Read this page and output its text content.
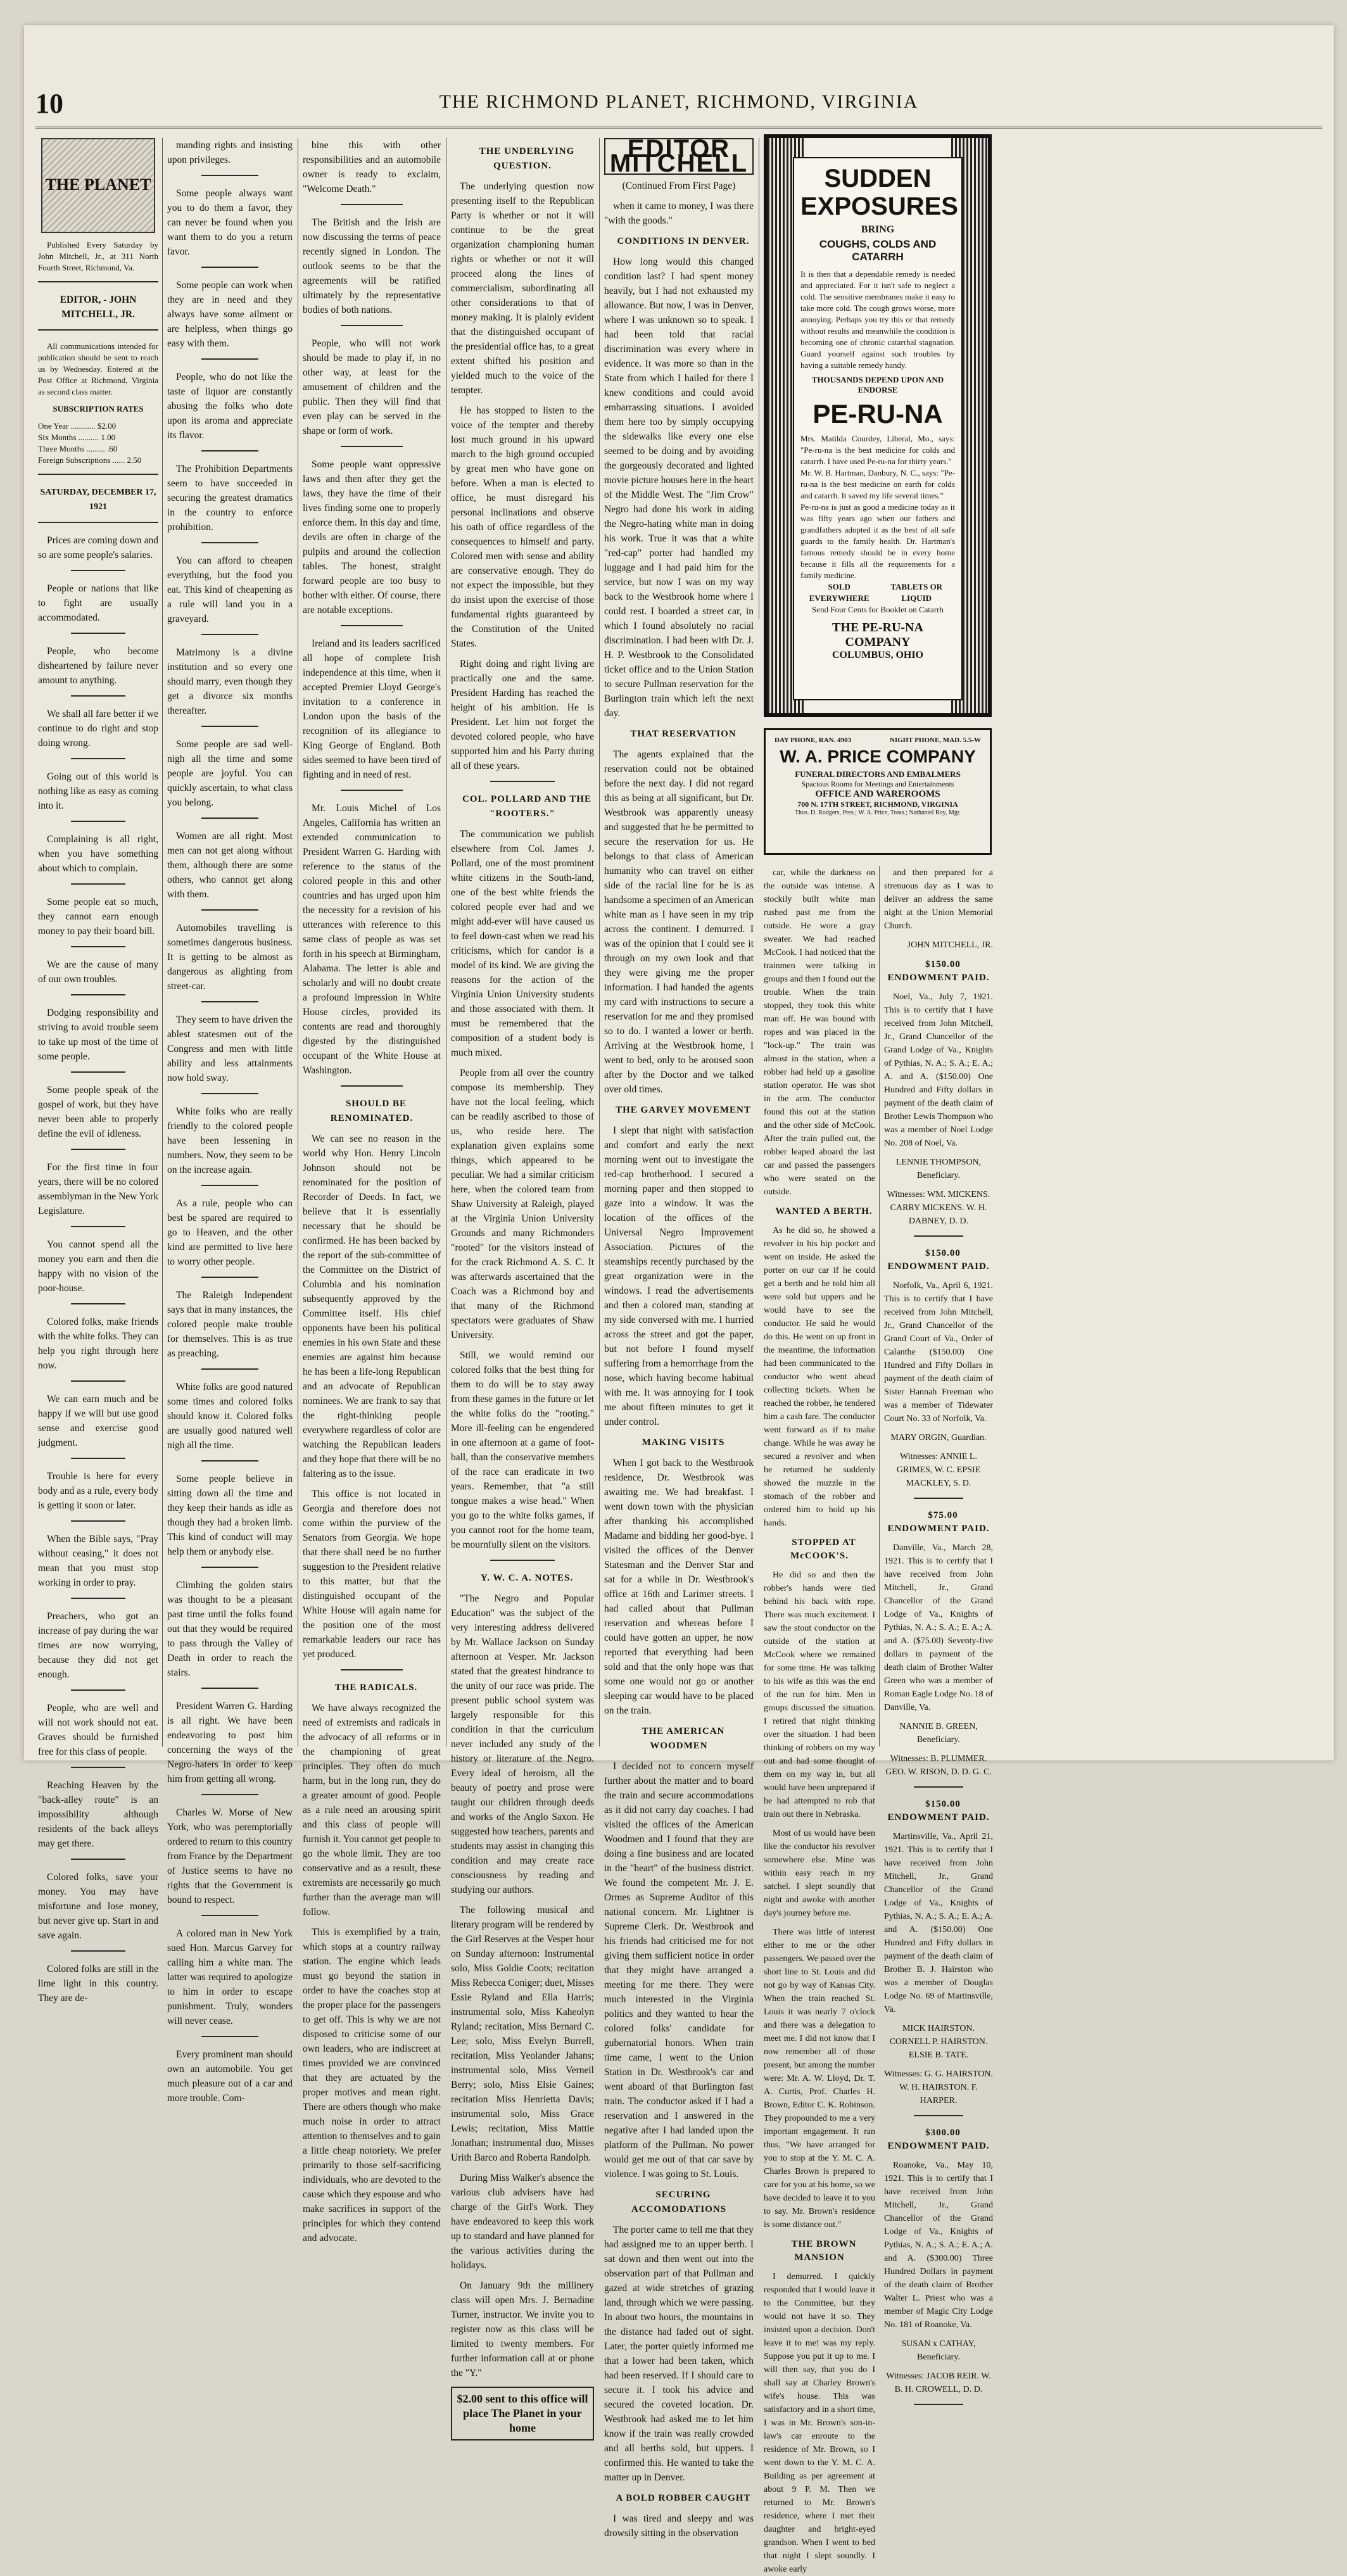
10	THE RICHMOND PLANET, RICHMOND, VIRGINIA
THE PLANET

Published Every Saturday by John Mitchell, Jr., at 311 North Fourth Street, Richmond, Va.

EDITOR, - JOHN MITCHELL, JR.

All communications intended for publication should be sent to reach us by Wednesday. Entered at the Post Office at Richmond, Virginia as second class matter.

SUBSCRIPTION RATES

One Year ............ $2.00
Six Months .......... 1.00
Three Months ......... .60
Foreign Subscriptions ...... 2.50

SATURDAY, DECEMBER 17, 1921

Prices are coming down and so are some people's salaries.

People or nations that like to fight are usually accommodated.

People, who become disheartened by failure never amount to anything.

We shall all fare better if we continue to do right and stop doing wrong.

Going out of this world is nothing like as easy as coming into it.

Complaining is all right, when you have something about which to complain.

Some people eat so much, they cannot earn enough money to pay their board bill.

We are the cause of many of our own troubles.

Dodging responsibility and striving to avoid trouble seem to take up most of the time of some people.

Some people speak of the gospel of work, but they have never been able to properly define the evil of idleness.

For the first time in four years, there will be no colored assemblyman in the New York Legislature.

You cannot spend all the money you earn and then die happy with no vision of the poor-house.

Colored folks, make friends with the white folks. They can help you right through here now.

We can earn much and be happy if we will but use good sense and exercise good judgment.

Trouble is here for every body and as a rule, every body is getting it soon or later.

When the Bible says, "Pray without ceasing," it does not mean that you must stop working in order to pray.

Preachers, who got an increase of pay during the war times are now worrying, because they did not get enough.

People, who are well and will not work should not eat. Graves should be furnished free for this class of people.

Reaching Heaven by the "back-alley route" is an impossibility although residents of the back alleys may get there.

Colored folks, save your money. You may have misfortune and lose money, but never give up. Start in and save again.

Colored folks are still in the lime light in this country. They are de-

manding rights and insisting upon privileges.

Some people always want you to do them a favor, they can never be found when you want them to do you a return favor.

Some people can work when they are in need and they always have some ailment or are helpless, when things go easy with them.

People, who do not like the taste of liquor are constantly abusing the folks who dote upon its aroma and appreciate its flavor.

The Prohibition Departments seem to have succeeded in securing the greatest dramatics in the country to enforce prohibition.

You can afford to cheapen everything, but the food you eat. This kind of cheapening as a rule will land you in a graveyard.

Matrimony is a divine institution and so every one should marry, even though they get a divorce six months thereafter.

Some people are sad well-nigh all the time and some people are joyful. You can quickly ascertain, to what class you belong.

Women are all right. Most men can not get along without them, although there are some others, who cannot get along with them.

Automobiles travelling is sometimes dangerous business. It is getting to be almost as dangerous as alighting from street-car.

They seem to have driven the ablest statesmen out of the Congress and men with little ability and less attainments now hold sway.

White folks who are really friendly to the colored people have been lessening in numbers. Now, they seem to be on the increase again.

As a rule, people who can best be spared are required to go to Heaven, and the other kind are permitted to live here to worry other people.

The Raleigh Independent says that in many instances, the colored people make trouble for themselves. This is as true as preaching.

White folks are good natured some times and colored folks should know it. Colored folks are usually good natured well nigh all the time.

Some people believe in sitting down all the time and they keep their hands as idle as though they had a broken limb. This kind of conduct will may help them or anybody else.

Climbing the golden stairs was thought to be a pleasant past time until the folks found out that they would be required to pass through the Valley of Death in order to reach the stairs.

President Warren G. Harding is all right. We have been endeavoring to post him concerning the ways of the Negro-haters in order to keep him from getting all wrong.

Charles W. Morse of New York, who was peremptorially ordered to return to this country from France by the Department of Justice seems to have no rights that the Government is bound to respect.

A colored man in New York sued Hon. Marcus Garvey for calling him a white man. The latter was required to apologize to him in order to escape punishment. Truly, wonders will never cease.

Every prominent man should own an automobile. You get much pleasure out of a car and more trouble. Com-

bine this with other responsibilities and an automobile owner is ready to exclaim, "Welcome Death."

The British and the Irish are now discussing the terms of peace recently signed in London. The outlook seems to be that the agreements will be ratified ultimately by the representative bodies of both nations.

People, who will not work should be made to play if, in no other way, at least for the amusement of children and the public. Then they will find that even play can be served in the shape or form of work.

Some people want oppressive laws and then after they get the laws, they have the time of their lives finding some one to properly enforce them. In this day and time, devils are often in charge of the pulpits and around the collection tables. The honest, straight forward people are too busy to bother with either. Of course, there are notable exceptions.

Ireland and its leaders sacrificed all hope of complete Irish independence at this time, when it accepted Premier Lloyd George's invitation to a conference in London upon the basis of the recognition of its allegiance to King George of England. Both sides seemed to have been tired of fighting and in need of rest.

Mr. Louis Michel of Los Angeles, California has written an extended communication to President Warren G. Harding with reference to the status of the colored people in this and other countries and has urged upon him the necessity for a revision of his utterances with reference to this same class of people as was set forth in his speech at Birmingham, Alabama. The letter is able and scholarly and will no doubt create a profound impression in White House circles, provided its contents are read and thoroughly digested by the distinguished occupant of the White House at Washington.

SHOULD BE RENOMINATED.

We can see no reason in the world why Hon. Henry Lincoln Johnson should not be renominated for the position of Recorder of Deeds. In fact, we believe that it is essentially necessary that he should be confirmed. He has been backed by the report of the sub-committee of the Committee on the District of Columbia and his nomination subsequently approved by the Committee itself. His chief opponents have been his political enemies in his own State and these enemies are against him because he has been a life-long Republican and an advocate of Republican nominees. We are frank to say that the right-thinking people everywhere regardless of color are watching the Republican leaders and they hope that there will be no faltering as to the issue.

This office is not located in Georgia and therefore does not come within the purview of the Senators from Georgia. We hope that there shall need be no further suggestion to the President relative to this matter, but that the distinguished occupant of the White House will again name for the position one of the most remarkable leaders our race has yet produced.

THE RADICALS.

We have always recognized the need of extremists and radicals in the advocacy of all reforms or in the championing of great principles. They often do much harm, but in the long run, they do a greater amount of good. People as a rule need an arousing spirit and this class of people will furnish it. You cannot get people to go the whole limit. They are too conservative and as a result, these extremists are necessarily go much further than the average man will follow.

This is exemplified by a train, which stops at a country railway station. The engine which leads must go beyond the station in order to have the coaches stop at the proper place for the passengers to get off. This is why we are not disposed to criticise some of our own leaders, who are indiscreet at times provided we are convinced that they are actuated by the proper motives and mean right. There are others though who make much noise in order to attract attention to themselves and to gain a little cheap notoriety. We prefer primarily to those self-sacrificing individuals, who are devoted to the cause which they espouse and who make sacrifices in support of the principles for which they contend and advocate.

THE UNDERLYING QUESTION.

The underlying question now presenting itself to the Republican Party is whether or not it will continue to be the great organization championing human rights or whether or not it will proceed along the lines of commercialism, subordinating all other considerations to that of money making. It is plainly evident that the distinguished occupant of the presidential office has, to a great extent shifted his position and yielded much to the voice of the tempter.

He has stopped to listen to the voice of the tempter and thereby lost much ground in his upward march to the high ground occupied by great men who have gone on before. When a man is elected to office, he must disregard his personal inclinations and observe his oath of office regardless of the consequences to himself and party. Colored men with sense and ability are conservative enough. They do not expect the impossible, but they do insist upon the exercise of those fundamental rights guaranteed by the Constitution of the United States.

Right doing and right living are practically one and the same. President Harding has reached the height of his ambition. He is President. Let him not forget the devoted colored people, who have supported him and his Party during all of these years.

COL. POLLARD AND THE "ROOTERS."

The communication we publish elsewhere from Col. James J. Pollard, one of the most prominent white citizens in the South-land, one of the best white friends the colored people ever had and we might add-ever will have caused us to feel down-cast when we read his criticisms, which for candor is a model of its kind. We are giving the reasons for the action of the Virginia Union University students and those associated with them. It must be remembered that the composition of a student body is much mixed.

People from all over the country compose its membership. They have not the local feeling, which can be readily ascribed to those of us, who reside here. The explanation given explains some things, which appeared to be peculiar. We had a similar criticism here, when the colored team from Shaw University at Raleigh, played at the Virginia Union University Grounds and many Richmonders "rooted" for the visitors instead of for the crack Richmond A. S. C. It was afterwards ascertained that the Coach was a Richmond boy and that many of the Richmond spectators were graduates of Shaw University.

Still, we would remind our colored folks that the best thing for them to do will be to stay away from these games in the future or let the white folks do the "rooting." More ill-feeling can be engendered in one afternoon at a game of foot-ball, than the conservative members of the race can eradicate in two years. Remember, that "a still tongue makes a wise head." When you go to the white folks games, if you cannot root for the home team, be mournfully silent on the visitors.

Y. W. C. A. NOTES.

"The Negro and Popular Education" was the subject of the very interesting address delivered by Mr. Wallace Jackson on Sunday afternoon at Vesper. Mr. Jackson stated that the greatest hindrance to the unity of our race was pride. The present public school system was largely responsible for this condition in that the curriculum never included any study of the history or literature of the Negro. Every ideal of heroism, all the beauty of poetry and prose were taught our children through deeds and works of the Anglo Saxon. He suggested how teachers, parents and students may assist in changing this condition and may create race consciousness by reading and studying our authors.

The following musical and literary program will be rendered by the Girl Reserves at the Vesper hour on Sunday afternoon: Instrumental solo, Miss Goldie Coots; recitation Miss Rebecca Coniger; duet, Misses Essie Ryland and Ella Harris; instrumental solo, Miss Kaheolyn Ryland; recitation, Miss Bernard C. Lee; solo, Miss Evelyn Burrell, recitation, Miss Yeolander Jahans; instrumental solo, Miss Verneil Berry; solo, Miss Elsie Gaines; recitation Miss Henrietta Davis; instrumental solo, Miss Grace Lewis; recitation, Miss Mattie Jonathan; instrumental duo, Misses Urith Barco and Roberta Randolph.

During Miss Walker's absence the various club advisers have had charge of the Girl's Work. They have endeavored to keep this work up to standard and have planned for the various activities during the holidays.

On January 9th the millinery class will open Mrs. J. Bernadine Turner, instructor. We invite you to register now as this class will be limited to twenty members. For further information call at or phone the "Y."

$2.00 sent to this office will place The Planet in your home
EDITOR MITCHELL

(Continued From First Page)

when it came to money, I was there "with the goods."

CONDITIONS IN DENVER.

How long would this changed condition last? I had spent money heavily, but I had not exhausted my allowance. But now, I was in Denver, where I was unknown so to speak. I had been told that racial discrimination was every where in evidence. It was more so than in the State from which I hailed for there I knew conditions and could avoid embarrassing situations. I avoided them here too by simply occupying the sidewalks like every one else seemed to be doing and by avoiding the gorgeously decorated and lighted movie picture houses here in the heart of the Middle West. The "Jim Crow" Negro had done his work in aiding the Negro-hating white man in doing his work. True it was that a white "red-cap" porter had handled my luggage and I had paid him for the service, but now I was on my way back to the Westbrook home where I could rest. I boarded a street car, in which I found absolutely no racial discrimination. I had been with Dr. J. H. P. Westbrook to the Consolidated ticket office and to the Union Station to secure Pullman reservation for the Burlington train which left the next day.

THAT RESERVATION

The agents explained that the reservation could not be obtained before the next day. I did not regard this as being at all significant, but Dr. Westbrook was apparently uneasy and suggested that he be permitted to secure the reservation for us. He belongs to that class of American humanity who can travel on either side of the racial line for he is as handsome a specimen of an American white man as I have seen in my trip across the continent. I demurred. I was of the opinion that I could see it through on my own look and that they were giving me the proper information. I had handed the agents my card with instructions to secure a reservation for me and they promised so to do. I wanted a lower or berth. Arriving at the Westbrook home, I went to bed, only to be aroused soon after by the Doctor and we talked over old times.

THE GARVEY MOVEMENT

I slept that night with satisfaction and comfort and early the next morning went out to investigate the red-cap brotherhood. I secured a morning paper and then stopped to gaze into a window. It was the location of the offices of the Universal Negro Improvement Association. Pictures of the steamships recently purchased by the great organization were in the windows. I read the advertisements and then a colored man, standing at my side conversed with me. I hurried across the street and got the paper, but not before I found myself suffering from a hemorrhage from the nose, which having become habitual with me. It was annoying for I took me about fifteen minutes to get it under control.

MAKING VISITS

When I got back to the Westbrook residence, Dr. Westbrook was awaiting me. We had breakfast. I went down town with the physician after thanking his accomplished Madame and bidding her good-bye. I visited the offices of the Denver Statesman and the Denver Star and sat for a while in Dr. Westbrook's office at 16th and Larimer streets. I had called about that Pullman reservation and whereas before I could have gotten an upper, he now reported that everything had been sold and that the only hope was that some one would not go or another sleeping car would have to be placed on the train.

THE AMERICAN WOODMEN

I decided not to concern myself further about the matter and to board the train and secure accommodations as it did not carry day coaches. I had visited the offices of the American Woodmen and I found that they are doing a fine business and are located in the "heart" of the business district. We found the competent Mr. J. E. Ormes as Supreme Auditor of this national concern. Mr. Lightner is Supreme Clerk. Dr. Westbrook and his friends had criticised me for not giving them sufficient notice in order that they might have arranged a meeting for me there. They were much interested in the Virginia politics and they wanted to hear the colored folks' candidate for gubernatorial honors. When train time came, I went to the Union Station in Dr. Westbrook's car and went aboard of that Burlington fast train. The conductor asked if I had a reservation and I answered in the negative after I had landed upon the platform of the Pullman. No power would get me out of that car save by violence. I was going to St. Louis.

SECURING ACCOMODATIONS

The porter came to tell me that they had assigned me to an upper berth. I sat down and then went out into the observation part of that Pullman and gazed at wide stretches of grazing land, through which we were passing. In about two hours, the mountains in the distance had faded out of sight. Later, the porter quietly informed me that a lower had been taken, which had been reserved. If I should care to secure it. I took his advice and secured the coveted location. Dr. Westbrook had asked me to let him know if the train was really crowded and all berths sold, but uppers. I confirmed this. He wanted to take the matter up in Denver.

A BOLD ROBBER CAUGHT

I was tired and sleepy and was drowsily sitting in the observation

SUDDEN
EXPOSURES
BRING
COUGHS, COLDS AND CATARRH

It is then that a dependable remedy is needed and appreciated. For it isn't safe to neglect a cold. The sensitive membranes make it easy to take more cold. The cough grows worse, more annoying. Perhaps you try this or that remedy without results and meanwhile the condition is becoming one of chronic catarrhal stagnation. Guard yourself against such troubles by having a suitable remedy handy.

THOUSANDS DEPEND UPON AND ENDORSE
PE-RU-NA

Mrs. Matilda Courdey, Liberal, Mo., says: "Pe-ru-na is the best medicine for colds and catarrh. I have used Pe-ru-na for thirty years."

Mr. W. B. Hartman, Danbury, N. C., says: "Pe-ru-na is the best medicine on earth for colds and catarrh. It saved my life several times."

Pe-ru-na is just as good a medicine today as it was fifty years ago when our fathers and grandfathers adopted it as the best of all safe guards to the family health. Dr. Hartman's famous remedy should be in every home because it fills all the requirements for a family medicine.

SOLD EVERYWHERE
TABLETS OR LIQUID
Send Four Cents for Booklet on Catarrh
THE PE-RU-NA COMPANY
COLUMBUS, OHIO
DAY PHONE, RAN. 4903	NIGHT PHONE, MAD. 5.5-W
W. A. PRICE COMPANY
FUNERAL DIRECTORS AND EMBALMERS
Spacious Rooms for Meetings and Entertainments
OFFICE AND WAREROOMS
700 N. 17TH STREET, RICHMOND, VIRGINIA
Thos. D. Rodgers, Pres.; W. A. Price, Treas.; Nathaniel Roy, Mgr.

car, while the darkness on the outside was intense. A stockily built white man rushed past me from the outside. He wore a gray sweater. We had reached McCook. I had noticed that the trainmen were talking in groups and then I found out the trouble. When the train stopped, they took this white man off. He was bound with ropes and was placed in the "lock-up." The train was almost in the station, when a robber had held up a gasoline station operator. He was shot in the arm. The conductor found this out at the station and the other side of McCook. After the train pulled out, the robber leaped aboard the last car and passed the passengers who were seated on the outside.

WANTED A BERTH.

As he did so, he showed a revolver in his hip pocket and went on inside. He asked the porter on our car if he could get a berth and he told him all were sold but uppers and he would have to see the conductor. He said he would do this. He went on up front in the meantime, the information had been communicated to the conductor who went ahead collecting tickets. When he reached the robber, he tendered him a cash fare. The conductor went forward as if to make change. While he was away he secured a revolver and when he returned he suddenly showed the muzzle in the stomach of the robber and ordered him to hold up his hands.

STOPPED AT McCOOK'S.

He did so and then the robber's hands were tied behind his back with rope. There was much excitement. I saw the stout conductor on the outside of the station at McCook where we remained for some time. He was talking to his wife as this was the end of the run for him. Men in groups discussed the situation. I retired that night thinking over the situation. I had been thinking of robbers on my way out and had some thought of them on my way in, but all would have been unprepared if he had attempted to rob that train out there in Nebraska.

Most of us would have been like the conductor his revolver somewhere else. Mine was within easy reach in my satchel. I slept soundly that night and awoke with another day's journey before me.

There was little of interest either to me or the other passengers. We passed over the short line to St. Louis and did not go by way of Kansas City. When the train reached St. Louis it was nearly 7 o'clock and there was a delegation to meet me. I did not know that I now remember all of those present, but among the number were: Mr. A. W. Lloyd, Dr. T. A. Curtis, Prof. Charles H. Brown, Editor C. K. Robinson. They propounded to me a very important engagement. It ran thus, "We have arranged for you to stop at the Y. M. C. A. Charles Brown is prepared to care for you at his home, so we have decided to leave it to you to say. Mr. Brown's residence is some distance out."

THE BROWN MANSION

I demurred. I quickly responded that I would leave it to the Committee, but they would not have it so. They insisted upon a decision. Don't leave it to me! was my reply. Suppose you put it up to me. I will then say, that you do I shall say at Charley Brown's wife's house. This was satisfactory and in a short time, I was in Mr. Brown's son-in-law's car enroute to the residence of Mr. Brown, so I went down to the Y. M. C. A. Building as per agreement at about 9 P. M. Then we returned to Mr. Brown's residence, where I met their daughter and bright-eyed grandson. When I went to bed that night I slept soundly. I awoke early

and then prepared for a strenuous day as I was to deliver an address the same night at the Union Memorial Church.

JOHN MITCHELL, JR.

$150.00 ENDOWMENT PAID.

Noel, Va., July 7, 1921. This is to certify that I have received from John Mitchell, Jr., Grand Chancellor of the Grand Lodge of Va., Knights of Pythias, N. A.; S. A.; E. A.; A. and A. ($150.00) One Hundred and Fifty dollars in payment of the death claim of Brother Lewis Thompson who was a member of Noel Lodge No. 208 of Noel, Va.

LENNIE THOMPSON, Beneficiary.

Witnesses: WM. MICKENS. CARRY MICKENS. W. H. DABNEY, D. D.

$150.00 ENDOWMENT PAID.

Norfolk, Va., April 6, 1921. This is to certify that I have received from John Mitchell, Jr., Grand Chancellor of the Grand Court of Va., Order of Calanthe ($150.00) One Hundred and Fifty Dollars in payment of the death claim of Sister Hannah Freeman who was a member of Tidewater Court No. 33 of Norfolk, Va.

MARY ORGIN, Guardian.

Witnesses: ANNIE L. GRIMES, W. C. EPSIE MACKLEY, S. D.

$75.00 ENDOWMENT PAID.

Danville, Va., March 28, 1921. This is to certify that I have received from John Mitchell, Jr., Grand Chancellor of the Grand Lodge of Va., Knights of Pythias, N. A.; S. A.; E. A.; A. and A. ($75.00) Seventy-five dollars in payment of the death claim of Brother Walter Green who was a member of Roman Eagle Lodge No. 18 of Danville, Va.

NANNIE B. GREEN, Beneficiary.

Witnesses: B. PLUMMER. GEO. W. RISON, D. D. G. C.

$150.00 ENDOWMENT PAID.

Martinsville, Va., April 21, 1921. This is to certify that I have received from John Mitchell, Jr., Grand Chancellor of the Grand Lodge of Va., Knights of Pythias, N. A.; S. A.; E. A.; A. and A. ($150.00) One Hundred and Fifty dollars in payment of the death claim of Brother B. J. Hairston who was a member of Douglas Lodge No. 69 of Martinsville, Va.

MICK HAIRSTON. CORNELL P. HAIRSTON. ELSIE B. TATE.

Witnesses: G. G. HAIRSTON. W. H. HAIRSTON. F. HARPER.

$300.00 ENDOWMENT PAID.

Roanoke, Va., May 10, 1921. This is to certify that I have received from John Mitchell, Jr., Grand Chancellor of the Grand Lodge of Va., Knights of Pythias, N. A.; S. A.; E. A.; A. and A. ($300.00) Three Hundred Dollars in payment of the death claim of Brother Walter L. Priest who was a member of Magic City Lodge No. 181 of Roanoke, Va.

SUSAN x CATHAY, Beneficiary.

Witnesses: JACOB REIR. W. B. H. CROWELL, D. D.
